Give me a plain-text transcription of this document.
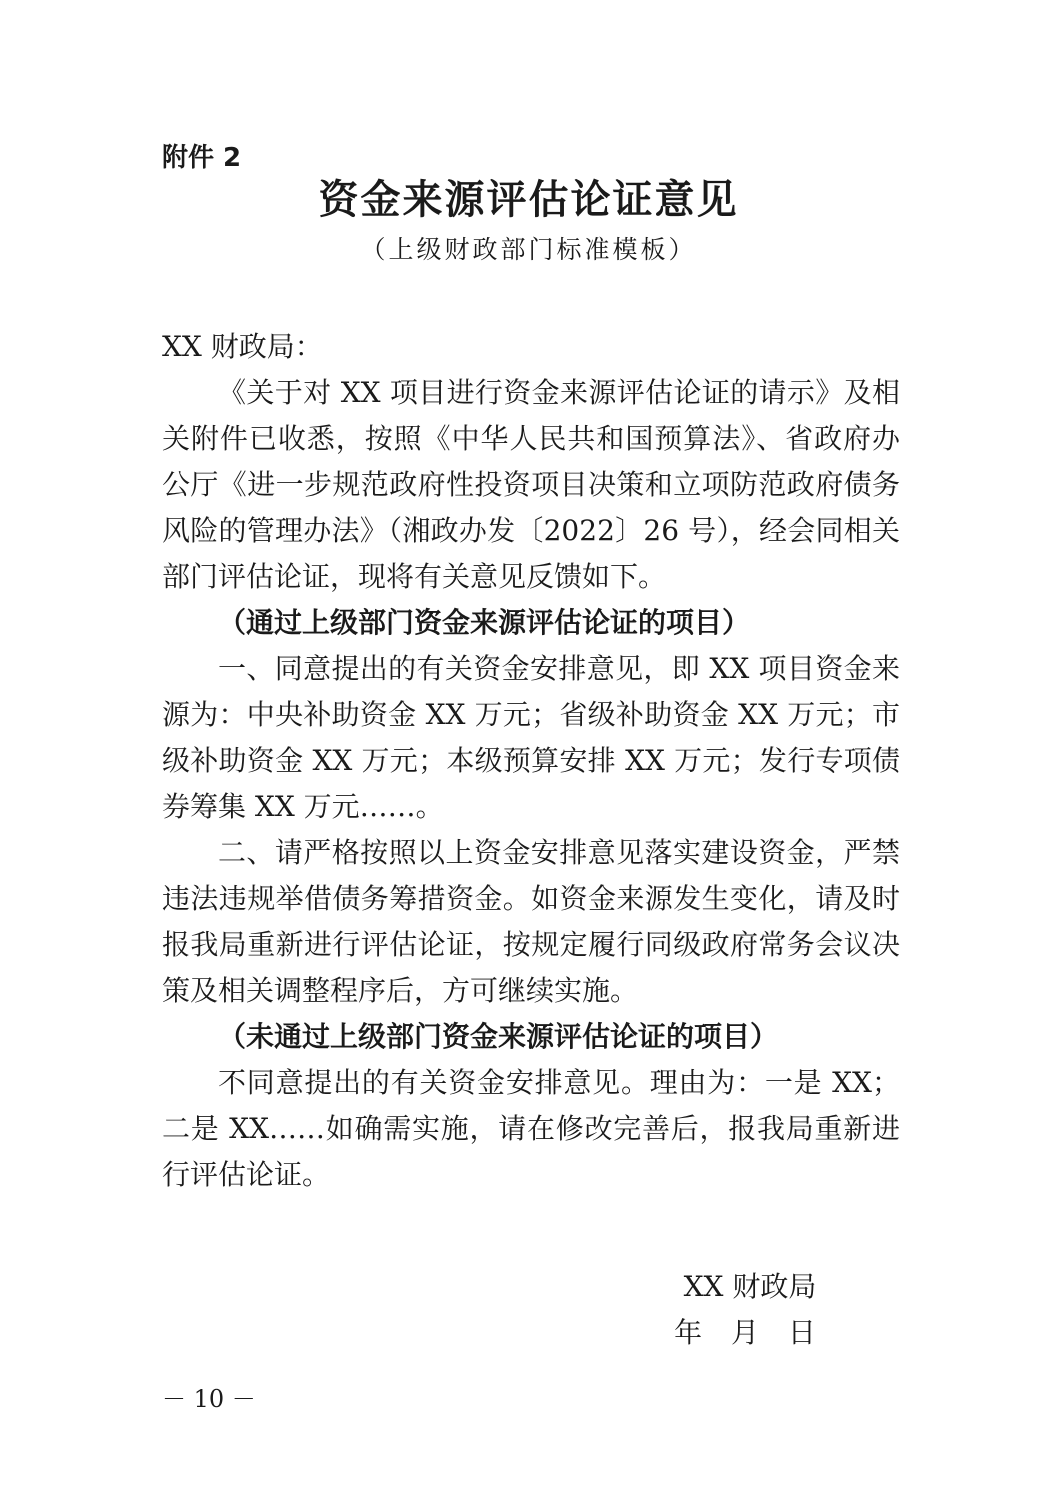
附件 2
资金来源评估论证意见
（上级财政部门标准模板）

XX 财政局：

《关于对 XX 项目进行资金来源评估论证的请示》及相关附件已收悉，按照《中华人民共和国预算法》、省政府办公厅《进一步规范政府性投资项目决策和立项防范政府债务风险的管理办法》（湘政办发〔2022〕26 号），经会同相关部门评估论证，现将有关意见反馈如下。

（通过上级部门资金来源评估论证的项目）

一、同意提出的有关资金安排意见，即 XX 项目资金来源为：中央补助资金 XX 万元；省级补助资金 XX 万元；市级补助资金 XX 万元；本级预算安排 XX 万元；发行专项债券筹集 XX 万元……。

二、请严格按照以上资金安排意见落实建设资金，严禁违法违规举借债务筹措资金。如资金来源发生变化，请及时报我局重新进行评估论证，按规定履行同级政府常务会议决策及相关调整程序后，方可继续实施。

（未通过上级部门资金来源评估论证的项目）

不同意提出的有关资金安排意见。理由为：一是 XX；二是 XX……如确需实施，请在修改完善后，报我局重新进行评估论证。

XX 财政局
年 月 日
－ 10 －
